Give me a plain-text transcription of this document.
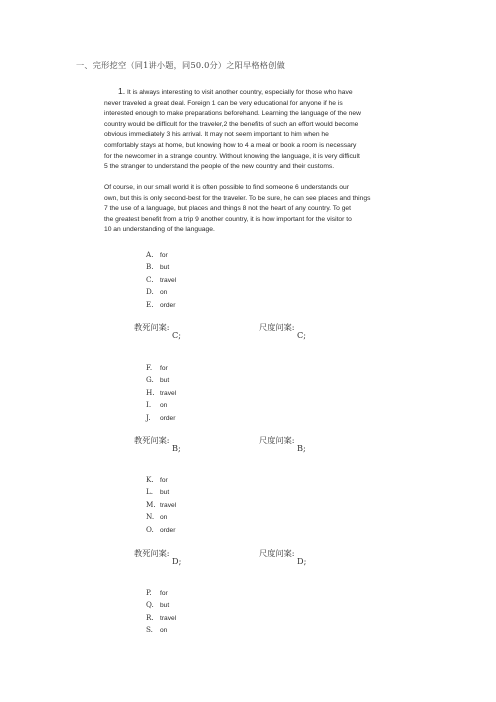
一、完形挖空（同1讲小题，同50.0分）之阳早格格创做
1. It is always interesting to visit another country, especially for those who have
never traveled a great deal. Foreign 1 can be very educational for anyone if he is
interested enough to make preparations beforehand. Learning the language of the new
country would be difficult for the traveler,2 the benefits of such an effort would become
obvious immediately 3 his arrival. It may not seem important to him when he
comfortably stays at home, but knowing how to 4 a meal or book a room is necessary
for the newcomer in a strange country. Without knowing the language, it is very difficult
5 the stranger to understand the people of the new country and their customs.
Of course, in our small world it is often possible to find someone 6 understands our
own, but this is only second-best for the traveler. To be sure, he can see places and things
7 the use of a language, but places and things 8 not the heart of any country. To get
the greatest benefit from a trip 9 another country, it is how important for the visitor to
10 an understanding of the language.
A. for
B. but
C. travel
D. on
E. order
教死问案:C;
尺度问案:C;
F. for
G. but
H. travel
I. on
J. order
教死问案:B;
尺度问案:B;
K. for
L. but
M. travel
N. on
O. order
教死问案:D;
尺度问案:D;
P. for
Q. but
R. travel
S. on
